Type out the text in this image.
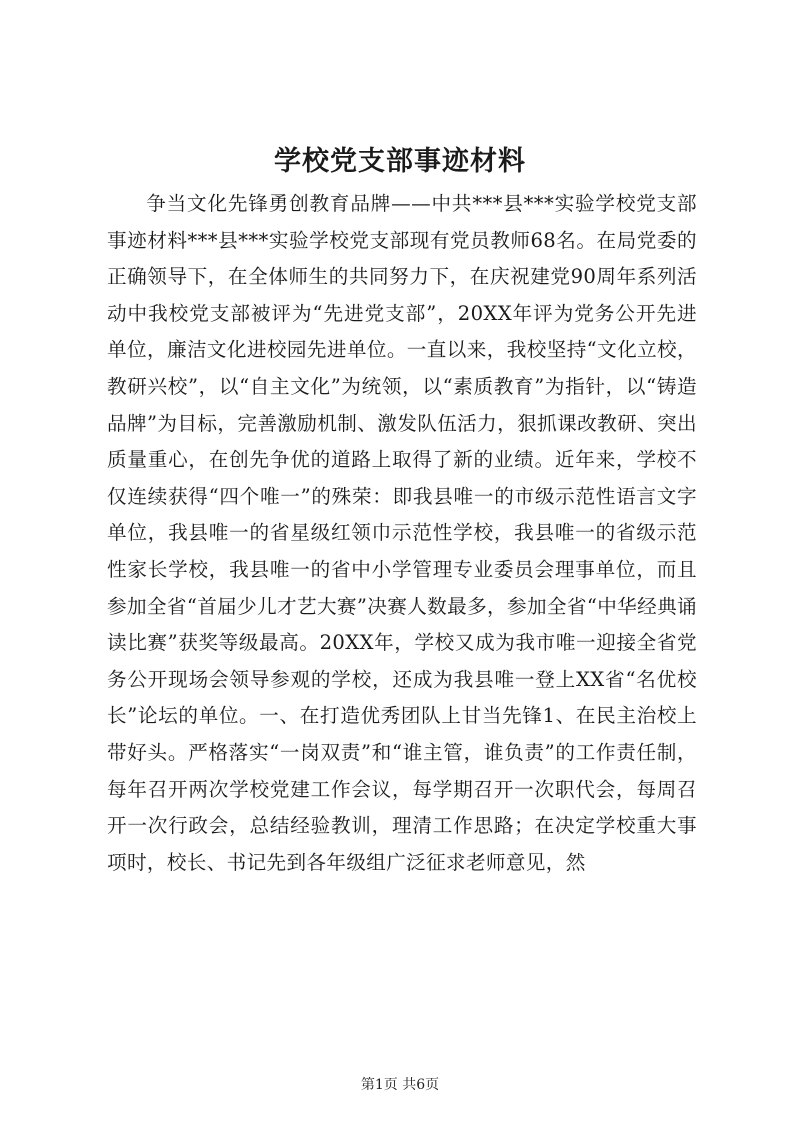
学校党支部事迹材料

争当文化先锋勇创教育品牌——中共***县***实验学校党支部事迹材料***县***实验学校党支部现有党员教师68名。在局党委的正确领导下，在全体师生的共同努力下，在庆祝建党90周年系列活动中我校党支部被评为“先进党支部”，20XX年评为党务公开先进单位，廉洁文化进校园先进单位。一直以来，我校坚持“文化立校，教研兴校”，以“自主文化”为统领，以“素质教育”为指针，以“铸造品牌”为目标，完善激励机制、激发队伍活力，狠抓课改教研、突出质量重心，在创先争优的道路上取得了新的业绩。近年来，学校不仅连续获得“四个唯一”的殊荣：即我县唯一的市级示范性语言文字单位，我县唯一的省星级红领巾示范性学校，我县唯一的省级示范性家长学校，我县唯一的省中小学管理专业委员会理事单位，而且参加全省“首届少儿才艺大赛”决赛人数最多，参加全省“中华经典诵读比赛”获奖等级最高。20XX年，学校又成为我市唯一迎接全省党务公开现场会领导参观的学校，还成为我县唯一登上XX省“名优校长”论坛的单位。一、在打造优秀团队上甘当先锋1、在民主治校上带好头。严格落实“一岗双责”和“谁主管，谁负责”的工作责任制，每年召开两次学校党建工作会议，每学期召开一次职代会，每周召开一次行政会，总结经验教训，理清工作思路；在决定学校重大事项时，校长、书记先到各年级组广泛征求老师意见，然

第1页 共6页
